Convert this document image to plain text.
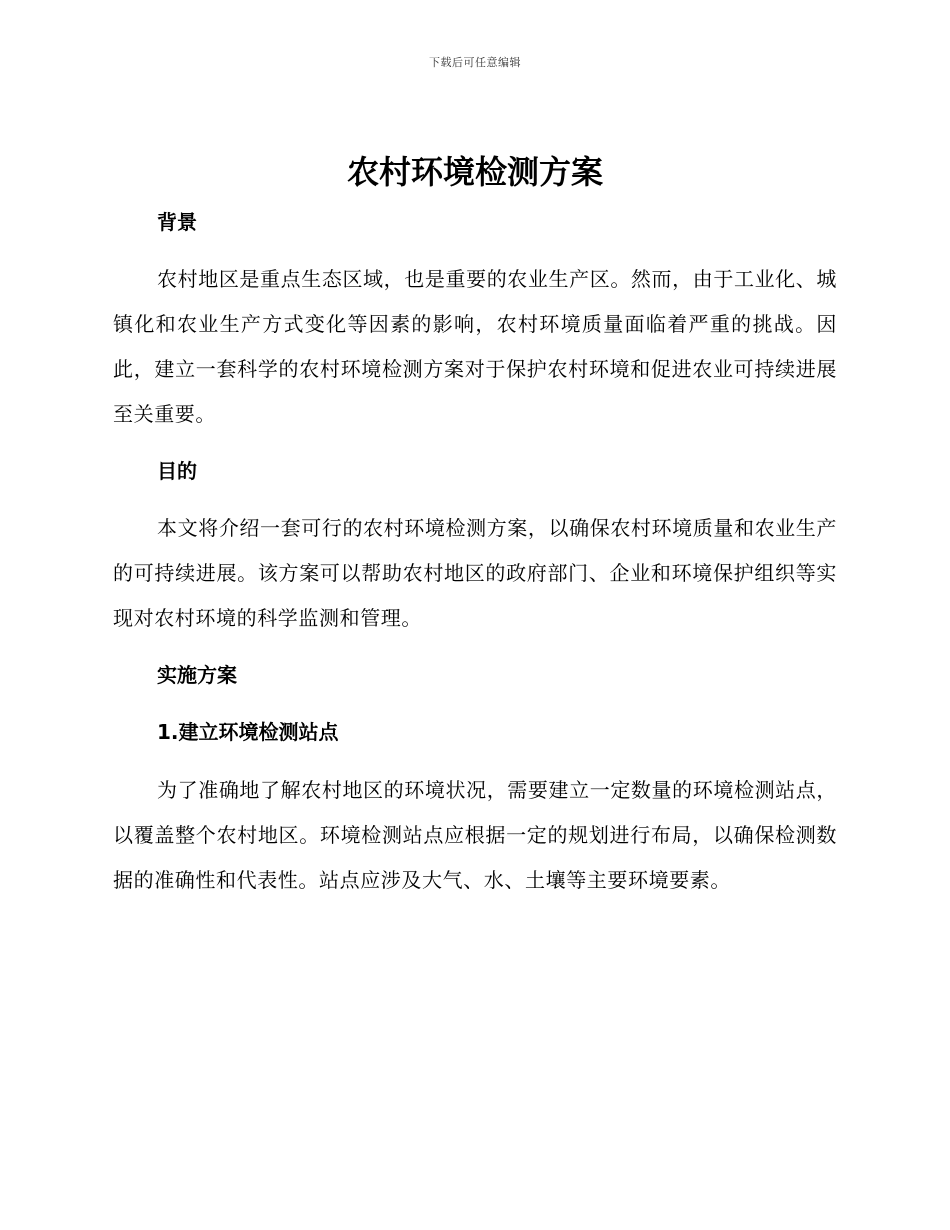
下载后可任意编辑
农村环境检测方案
背景

农村地区是重点生态区域，也是重要的农业生产区。然而，由于工业化、城镇化和农业生产方式变化等因素的影响，农村环境质量面临着严重的挑战。因此，建立一套科学的农村环境检测方案对于保护农村环境和促进农业可持续进展至关重要。

目的

本文将介绍一套可行的农村环境检测方案，以确保农村环境质量和农业生产的可持续进展。该方案可以帮助农村地区的政府部门、企业和环境保护组织等实现对农村环境的科学监测和管理。

实施方案
1.建立环境检测站点

为了准确地了解农村地区的环境状况，需要建立一定数量的环境检测站点，以覆盖整个农村地区。环境检测站点应根据一定的规划进行布局，以确保检测数据的准确性和代表性。站点应涉及大气、水、土壤等主要环境要素。
